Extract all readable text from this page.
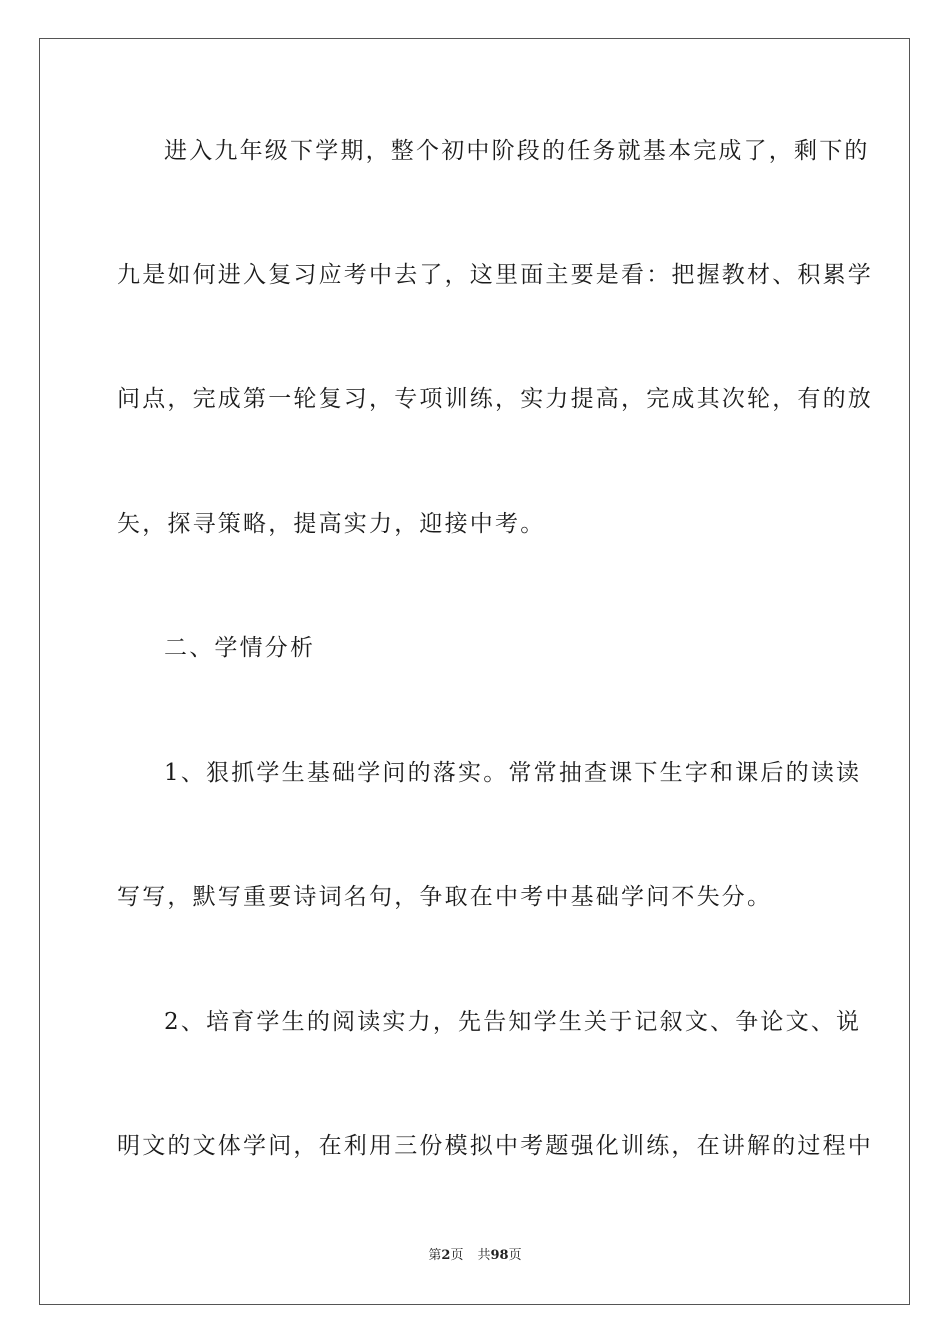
进入九年级下学期，整个初中阶段的任务就基本完成了，剩下的
九是如何进入复习应考中去了，这里面主要是看：把握教材、积累学
问点，完成第一轮复习，专项训练，实力提高，完成其次轮，有的放
矢，探寻策略，提高实力，迎接中考。
二、学情分析
1、狠抓学生基础学问的落实。常常抽查课下生字和课后的读读
写写，默写重要诗词名句，争取在中考中基础学问不失分。
2、培育学生的阅读实力，先告知学生关于记叙文、争论文、说
明文的文体学问，在利用三份模拟中考题强化训练，在讲解的过程中
第2页 共98页
